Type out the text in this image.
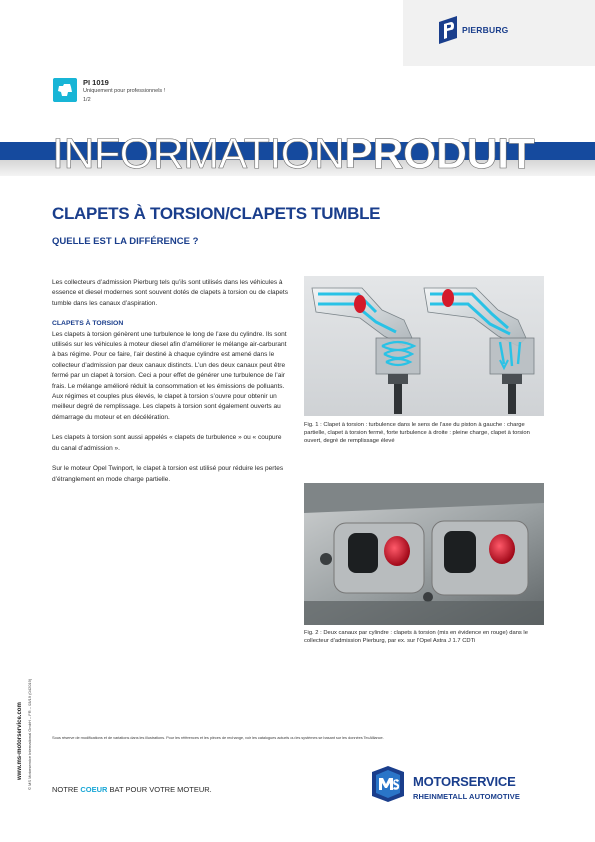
PIERBURG
PI 1019
Uniquement pour professionnels !
1/2
INFORMATIONPRODUIT
CLAPETS À TORSION/CLAPETS TUMBLE
QUELLE EST LA DIFFÉRENCE ?

Les collecteurs d’admission Pierburg tels qu’ils sont utilisés dans les véhicules à essence et diesel modernes sont souvent dotés de clapets à torsion ou de clapets tumble dans les canaux d’aspiration.

CLAPETS À TORSION

Les clapets à torsion génèrent une turbulence le long de l’axe du cylindre. Ils sont utilisés sur les véhicules à moteur diesel afin d’améliorer le mélange air-carburant à bas régime. Pour ce faire, l’air destiné à chaque cylindre est amené dans le collecteur d’admission par deux canaux distincts. L’un des deux canaux peut être fermé par un clapet à torsion. Ceci a pour effet de générer une turbulence de l’air frais. Le mélange amélioré réduit la consommation et les émissions de polluants. Aux régimes et couples plus élevés, le clapet à torsion s’ouvre pour obtenir un meilleur degré de remplissage. Les clapets à torsion sont également ouverts au démarrage du moteur et en décélération.

Les clapets à torsion sont aussi appelés « clapets de turbulence » ou « coupure du canal d’admission ».

Sur le moteur Opel Twinport, le clapet à torsion est utilisé pour réduire les pertes d’étranglement en mode charge partielle.

Fig. 1 : Clapet à torsion : turbulence dans le sens de l’axe du piston à gauche : charge partielle, clapet à torsion fermé, forte turbulence à droite : pleine charge, clapet à torsion ouvert, degré de remplissage élevé
Fig. 2 : Deux canaux par cylindre : clapets à torsion (mis en évidence en rouge) dans le collecteur d’admission Pierburg, par ex. sur l’Opel Astra J 1.7 CDTi
Sous réserve de modifications et de variations dans les illustrations. Pour les références et les pièces de rechange, voir les catalogues actuels ou les systèmes se basant sur les données TecAlliance.
www.ms-motorservice.com © MS Motorservice International GmbH – FR – 03/19 (042019)	NOTRE COEUR BAT POUR VOTRE MOTEUR.
MOTORSERVICE
RHEINMETALL AUTOMOTIVE
